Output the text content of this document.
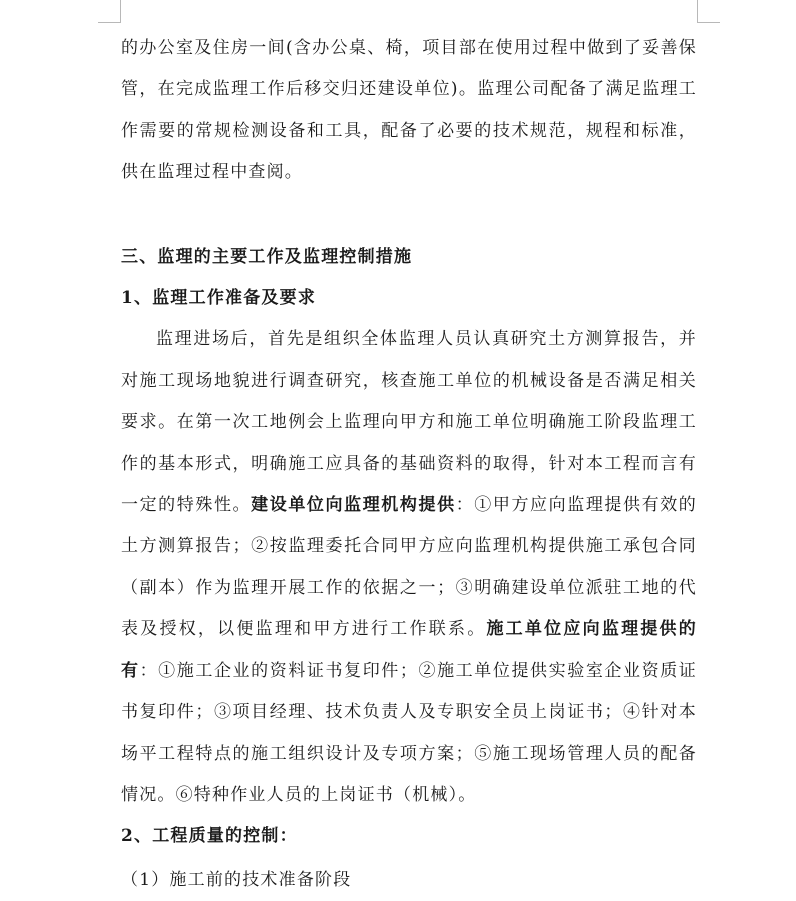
的办公室及住房一间(含办公桌、椅，项目部在使用过程中做到了妥善保管，在完成监理工作后移交归还建设单位)。监理公司配备了满足监理工作需要的常规检测设备和工具，配备了必要的技术规范，规程和标准，供在监理过程中查阅。

三、监理的主要工作及监理控制措施
1、监理工作准备及要求

监理进场后，首先是组织全体监理人员认真研究土方测算报告，并对施工现场地貌进行调查研究，核查施工单位的机械设备是否满足相关要求。在第一次工地例会上监理向甲方和施工单位明确施工阶段监理工作的基本形式，明确施工应具备的基础资料的取得，针对本工程而言有一定的特殊性。建设单位向监理机构提供：①甲方应向监理提供有效的土方测算报告；②按监理委托合同甲方应向监理机构提供施工承包合同（副本）作为监理开展工作的依据之一；③明确建设单位派驻工地的代表及授权，以便监理和甲方进行工作联系。施工单位应向监理提供的有：①施工企业的资料证书复印件；②施工单位提供实验室企业资质证书复印件；③项目经理、技术负责人及专职安全员上岗证书；④针对本场平工程特点的施工组织设计及专项方案；⑤施工现场管理人员的配备情况。⑥特种作业人员的上岗证书（机械）。

2、工程质量的控制：
（1）施工前的技术准备阶段
